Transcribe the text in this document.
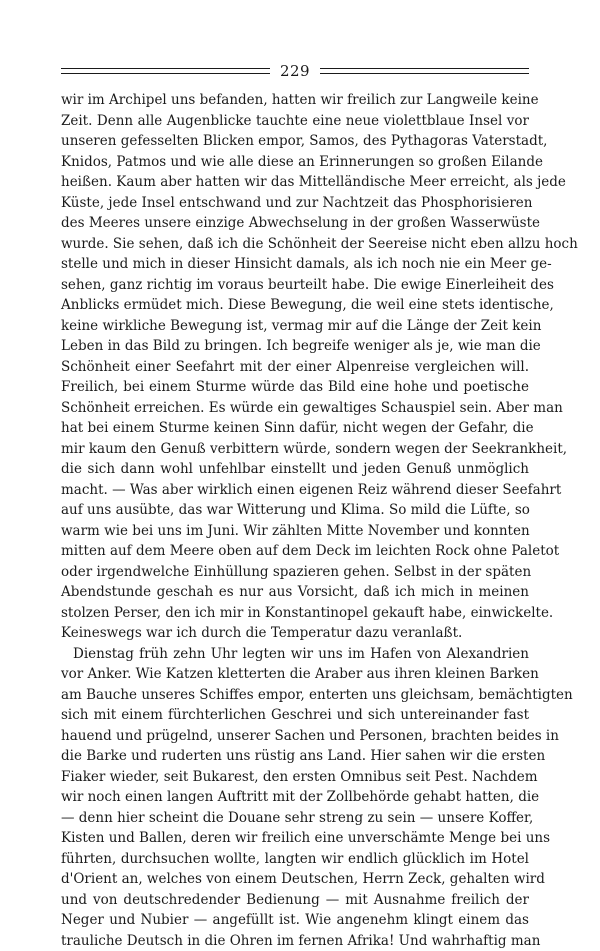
229
wir im Archipel uns befanden, hatten wir freilich zur Langweile keine
Zeit. Denn alle Augenblicke tauchte eine neue violettblaue Insel vor
unseren gefesselten Blicken empor, Samos, des Pythagoras Vaterstadt,
Knidos, Patmos und wie alle diese an Erinnerungen so großen Eilande
heißen. Kaum aber hatten wir das Mittelländische Meer erreicht, als jede
Küste, jede Insel entschwand und zur Nachtzeit das Phosphorisieren
des Meeres unsere einzige Abwechselung in der großen Wasserwüste
wurde. Sie sehen, daß ich die Schönheit der Seereise nicht eben allzu hoch
stelle und mich in dieser Hinsicht damals, als ich noch nie ein Meer ge-
sehen, ganz richtig im voraus beurteilt habe. Die ewige Einerleiheit des
Anblicks ermüdet mich. Diese Bewegung, die weil eine stets identische,
keine wirkliche Bewegung ist, vermag mir auf die Länge der Zeit kein
Leben in das Bild zu bringen. Ich begreife weniger als je, wie man die
Schönheit einer Seefahrt mit der einer Alpenreise vergleichen will.
Freilich, bei einem Sturme würde das Bild eine hohe und poetische
Schönheit erreichen. Es würde ein gewaltiges Schauspiel sein. Aber man
hat bei einem Sturme keinen Sinn dafür, nicht wegen der Gefahr, die
mir kaum den Genuß verbittern würde, sondern wegen der Seekrankheit,
die sich dann wohl unfehlbar einstellt und jeden Genuß unmöglich
macht. — Was aber wirklich einen eigenen Reiz während dieser Seefahrt
auf uns ausübte, das war Witterung und Klima. So mild die Lüfte, so
warm wie bei uns im Juni. Wir zählten Mitte November und konnten
mitten auf dem Meere oben auf dem Deck im leichten Rock ohne Paletot
oder irgendwelche Einhüllung spazieren gehen. Selbst in der späten
Abendstunde geschah es nur aus Vorsicht, daß ich mich in meinen
stolzen Perser, den ich mir in Konstantinopel gekauft habe, einwickelte.
Keineswegs war ich durch die Temperatur dazu veranlaßt.
Dienstag früh zehn Uhr legten wir uns im Hafen von Alexandrien
vor Anker. Wie Katzen kletterten die Araber aus ihren kleinen Barken
am Bauche unseres Schiffes empor, enterten uns gleichsam, bemächtigten
sich mit einem fürchterlichen Geschrei und sich untereinander fast
hauend und prügelnd, unserer Sachen und Personen, brachten beides in
die Barke und ruderten uns rüstig ans Land. Hier sahen wir die ersten
Fiaker wieder, seit Bukarest, den ersten Omnibus seit Pest. Nachdem
wir noch einen langen Auftritt mit der Zollbehörde gehabt hatten, die
— denn hier scheint die Douane sehr streng zu sein — unsere Koffer,
Kisten und Ballen, deren wir freilich eine unverschämte Menge bei uns
führten, durchsuchen wollte, langten wir endlich glücklich im Hotel
d'Orient an, welches von einem Deutschen, Herrn Zeck, gehalten wird
und von deutschredender Bedienung — mit Ausnahme freilich der
Neger und Nubier — angefüllt ist. Wie angenehm klingt einem das
trauliche Deutsch in die Ohren im fernen Afrika! Und wahrhaftig man
